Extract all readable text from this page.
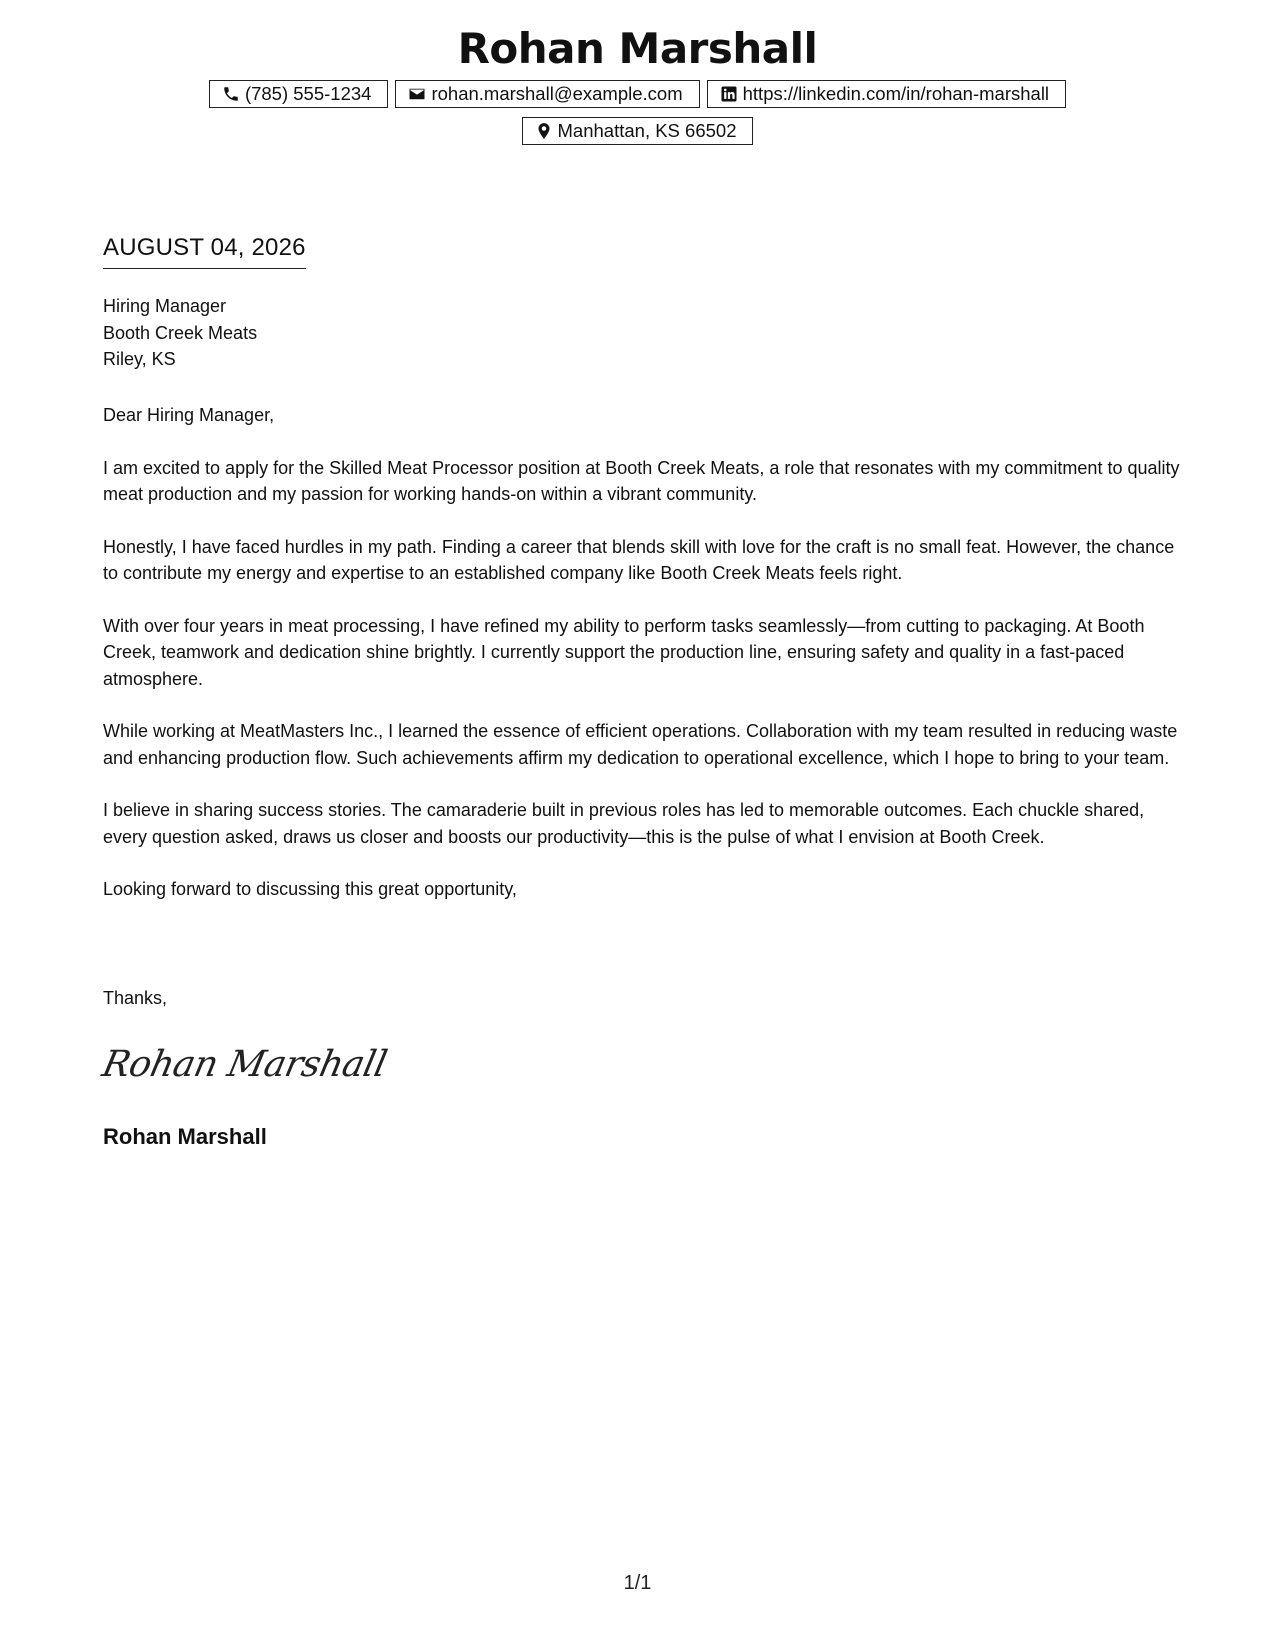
Rohan Marshall
(785) 555-1234	rohan.marshall@example.com	https://linkedin.com/in/rohan-marshall
Manhattan, KS 66502
AUGUST 04, 2026
Hiring Manager
Booth Creek Meats
Riley, KS

Dear Hiring Manager,

I am excited to apply for the Skilled Meat Processor position at Booth Creek Meats, a role that resonates with my commitment to quality meat production and my passion for working hands-on within a vibrant community.

Honestly, I have faced hurdles in my path. Finding a career that blends skill with love for the craft is no small feat. However, the chance to contribute my energy and expertise to an established company like Booth Creek Meats feels right.

With over four years in meat processing, I have refined my ability to perform tasks seamlessly—from cutting to packaging. At Booth Creek, teamwork and dedication shine brightly. I currently support the production line, ensuring safety and quality in a fast-paced atmosphere.

While working at MeatMasters Inc., I learned the essence of efficient operations. Collaboration with my team resulted in reducing waste and enhancing production flow. Such achievements affirm my dedication to operational excellence, which I hope to bring to your team.

I believe in sharing success stories. The camaraderie built in previous roles has led to memorable outcomes. Each chuckle shared, every question asked, draws us closer and boosts our productivity—this is the pulse of what I envision at Booth Creek.

Looking forward to discussing this great opportunity,

Thanks,
Rohan Marshall
Rohan Marshall
1/1
